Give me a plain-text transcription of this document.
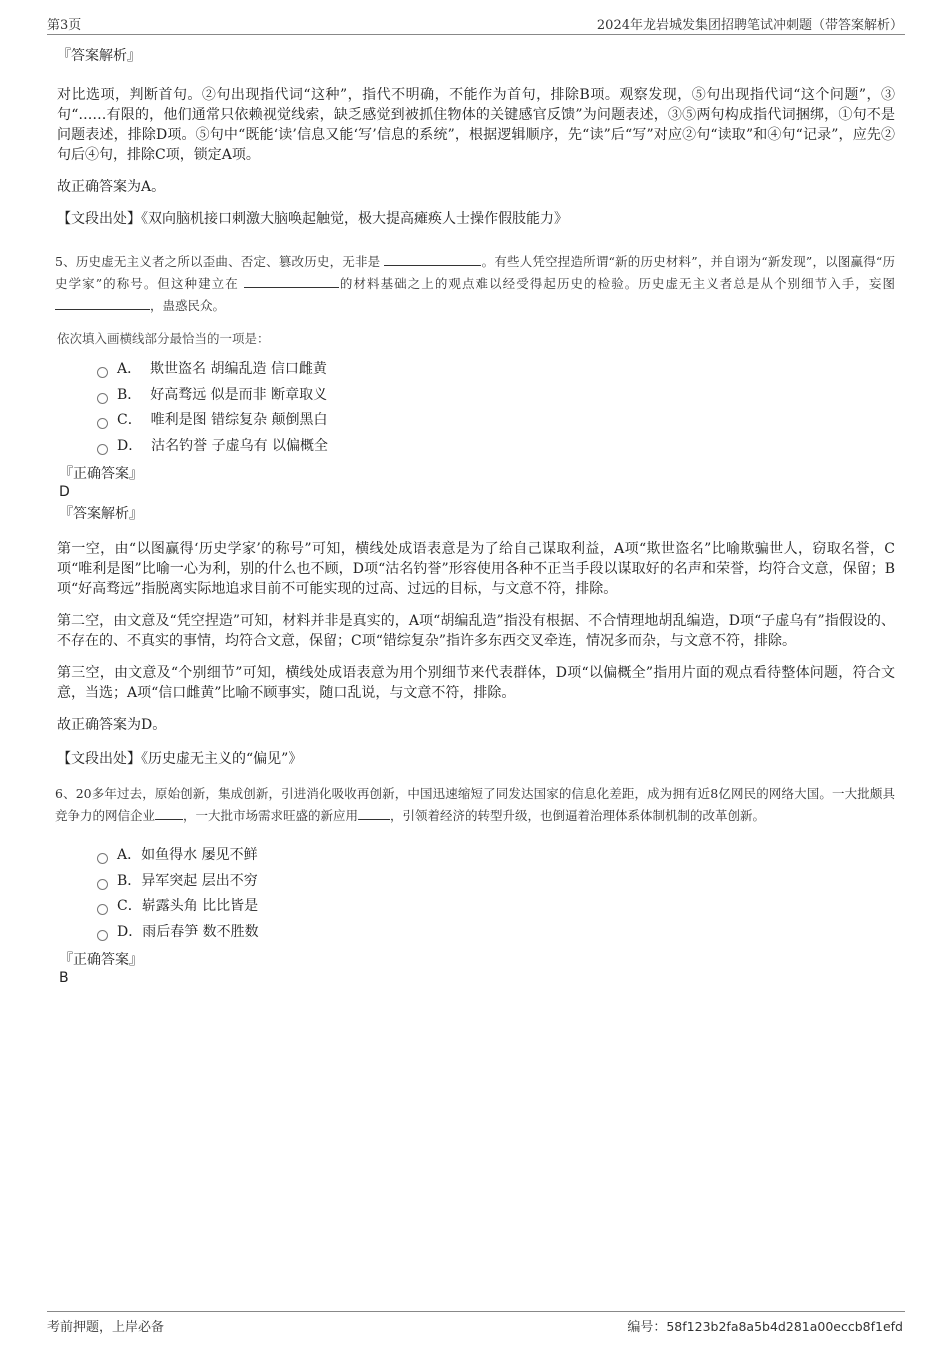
第3页	2024年龙岩城发集团招聘笔试冲刺题（带答案解析）
『答案解析』

对比选项，判断首句。②句出现指代词“这种”，指代不明确，不能作为首句，排除B项。观察发现，⑤句出现指代词“这个问题”，③句“……有限的，他们通常只依赖视觉线索，缺乏感觉到被抓住物体的关键感官反馈”为问题表述，③⑤两句构成指代词捆绑，①句不是问题表述，排除D项。⑤句中“既能‘读’信息又能‘写’信息的系统”，根据逻辑顺序，先“读”后“写”对应②句“读取”和④句“记录”，应先②句后④句，排除C项，锁定A项。

故正确答案为A。

【文段出处】《双向脑机接口刺激大脑唤起触觉，极大提高瘫痪人士操作假肢能力》

5、历史虚无主义者之所以歪曲、否定、篡改历史，无非是	。有些人凭空捏造所谓“新的历史材料”，并自诩为“新发现”，以图赢得“历史学家”的称号。但这种建立在	的材料基础之上的观点难以经受得起历史的检验。历史虚无主义者总是从个别细节入手，妄图 ，蛊惑民众。

依次填入画横线部分最恰当的一项是：

A．
欺世盗名 胡编乱造 信口雌黄
B．
好高骛远 似是而非 断章取义
C．
唯利是图 错综复杂 颠倒黑白
D．
沽名钓誉 子虚乌有 以偏概全
『正确答案』
D
『答案解析』

第一空，由“以图赢得‘历史学家’的称号”可知，横线处成语表意是为了给自己谋取利益，A项“欺世盗名”比喻欺骗世人，窃取名誉，C项“唯利是图”比喻一心为利，别的什么也不顾，D项“沽名钓誉”形容使用各种不正当手段以谋取好的名声和荣誉，均符合文意，保留；B项“好高骛远”指脱离实际地追求目前不可能实现的过高、过远的目标，与文意不符，排除。

第二空，由文意及“凭空捏造”可知，材料并非是真实的，A项“胡编乱造”指没有根据、不合情理地胡乱编造，D项“子虚乌有”指假设的、不存在的、不真实的事情，均符合文意，保留；C项“错综复杂”指许多东西交叉牵连，情况多而杂，与文意不符，排除。

第三空，由文意及“个别细节”可知，横线处成语表意为用个别细节来代表群体，D项“以偏概全”指用片面的观点看待整体问题，符合文意，当选；A项“信口雌黄”比喻不顾事实，随口乱说，与文意不符，排除。

故正确答案为D。

【文段出处】《历史虚无主义的“偏见”》

6、20多年过去，原始创新，集成创新，引进消化吸收再创新，中国迅速缩短了同发达国家的信息化差距，成为拥有近8亿网民的网络大国。一大批颇具竞争力的网信企业 ，一大批市场需求旺盛的新应用	，引领着经济的转型升级，也倒逼着治理体系体制机制的改革创新。

A． 如鱼得水 屡见不鲜
B． 异军突起 层出不穷
C． 崭露头角 比比皆是
D． 雨后春笋 数不胜数
『正确答案』
B
考前押题，上岸必备	编号：58f123b2fa8a5b4d281a00eccb8f1efd
